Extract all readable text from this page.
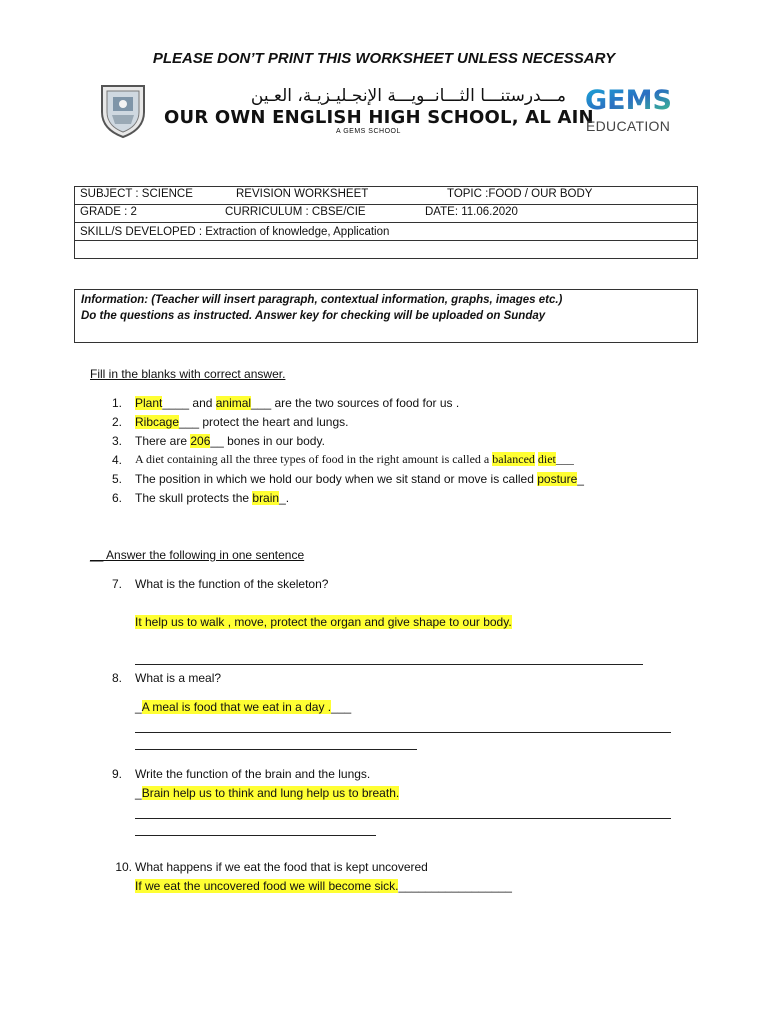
PLEASE DON’T PRINT THIS WORKSHEET UNLESS NECESSARY
مـــدرستنـــا الثـــانــويـــة الإنجـليـزيـة، العـين
OUR OWN ENGLISH HIGH SCHOOL, AL AIN
A GEMS SCHOOL
GEMS
EDUCATION
SUBJECT : SCIENCE	REVISION WORKSHEET	TOPIC :FOOD / OUR BODY

GRADE : 2	CURRICULUM : CBSE/CIE	DATE: 11.06.2020

SKILL/S DEVELOPED : Extraction of knowledge, Application

Information: (Teacher will insert paragraph, contextual information, graphs, images etc.)
Do the questions as instructed. Answer key for checking will be uploaded on Sunday
Fill in the blanks with correct answer.
1. Plant____ and animal___ are the two sources of food for us .
2. Ribcage___ protect the heart and lungs.
3. There are 206__ bones in our body.
4. A diet containing all the three types of food in the right amount is called a balanced diet___
5. The position in which we hold our body when we sit stand or move is called posture_
6. The skull protects the brain_.
__ Answer the following in one sentence
7. What is the function of the skeleton?
It help us to walk , move, protect the organ and give shape to our body.
8. What is a meal?
_A meal is food that we eat in a day .___
9. Write the function of the brain and the lungs.
_Brain help us to think and lung help us to breath.
10. What happens if we eat the food that is kept uncovered
If we eat the uncovered food we will become sick._________________
